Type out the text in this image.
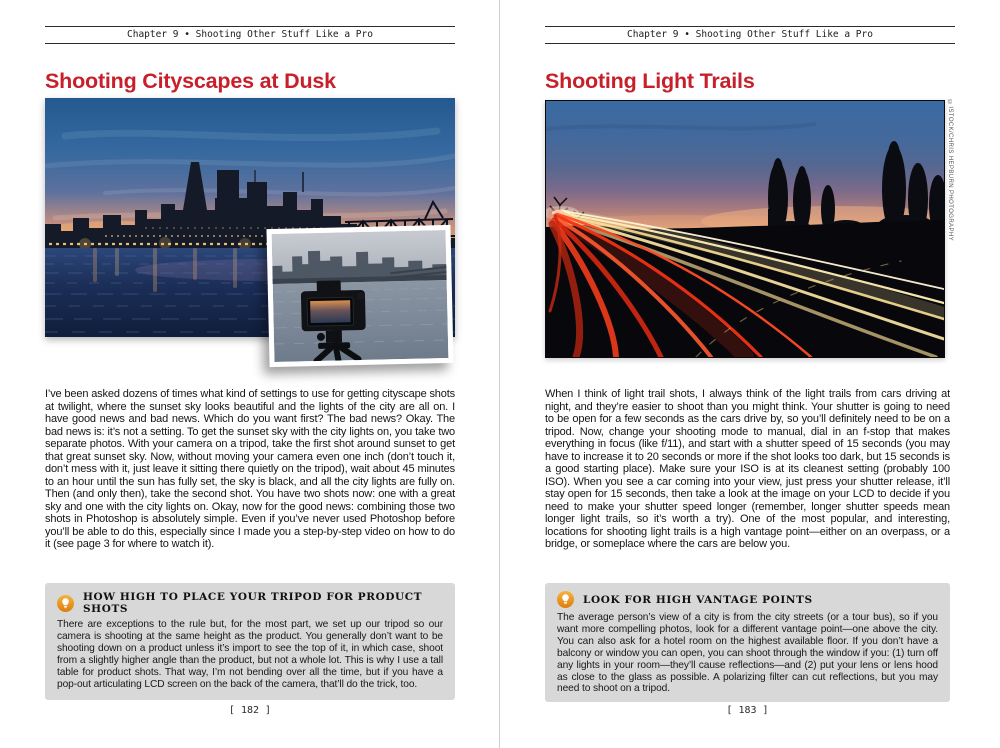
Chapter 9 • Shooting Other Stuff Like a Pro
Shooting Cityscapes at Dusk

I’ve been asked dozens of times what kind of settings to use for getting cityscape shots at twilight, where the sunset sky looks beautiful and the lights of the city are all on. I have good news and bad news. Which do you want first? The bad news? Okay. The bad news is: it’s not a setting. To get the sunset sky with the city lights on, you take two separate photos. With your camera on a tripod, take the first shot around sunset to get that great sunset sky. Now, without moving your camera even one inch (don’t touch it, don’t mess with it, just leave it sitting there quietly on the tripod), wait about 45 minutes to an hour until the sun has fully set, the sky is black, and all the city lights are fully on. Then (and only then), take the second shot. You have two shots now: one with a great sky and one with the city lights on. Okay, now for the good news: combining those two shots in Photoshop is absolutely simple. Even if you’ve never used Photoshop before you’ll be able to do this, especially since I made you a step-by-step video on how to do it (see page 3 for where to watch it).

HOW HIGH TO PLACE YOUR TRIPOD FOR PRODUCT SHOTS
There are exceptions to the rule but, for the most part, we set up our tripod so our camera is shooting at the same height as the product. You generally don’t want to be shooting down on a product unless it’s import to see the top of it, in which case, shoot from a slightly higher angle than the product, but not a whole lot. This is why I use a tall table for product shots. That way, I’m not bending over all the time, but if you have a pop-out articulating LCD screen on the back of the camera, that’ll do the trick, too.
[ 182 ]
Chapter 9 • Shooting Other Stuff Like a Pro
Shooting Light Trails
©ISTOCK/CHRIS HEPBURN PHOTOGRAPHY

When I think of light trail shots, I always think of the light trails from cars driving at night, and they’re easier to shoot than you might think. Your shutter is going to need to be open for a few seconds as the cars drive by, so you’ll definitely need to be on a tripod. Now, change your shooting mode to manual, dial in an f-stop that makes everything in focus (like f/11), and start with a shutter speed of 15 seconds (you may have to increase it to 20 seconds or more if the shot looks too dark, but 15 seconds is a good starting place). Make sure your ISO is at its cleanest setting (probably 100 ISO). When you see a car coming into your view, just press your shutter release, it’ll stay open for 15 seconds, then take a look at the image on your LCD to decide if you need to make your shutter speed longer (remember, longer shutter speeds mean longer light trails, so it’s worth a try). One of the most popular, and interesting, locations for shooting light trails is a high vantage point—either on an overpass, or a bridge, or someplace where the cars are below you.

LOOK FOR HIGH VANTAGE POINTS
The average person’s view of a city is from the city streets (or a tour bus), so if you want more compelling photos, look for a different vantage point—one above the city. You can also ask for a hotel room on the highest available floor. If you don’t have a balcony or window you can open, you can shoot through the window if you: (1) turn off any lights in your room—they’ll cause reflections—and (2) put your lens or lens hood as close to the glass as possible. A polarizing filter can cut reflections, but you may need to shoot on a tripod.
[ 183 ]
